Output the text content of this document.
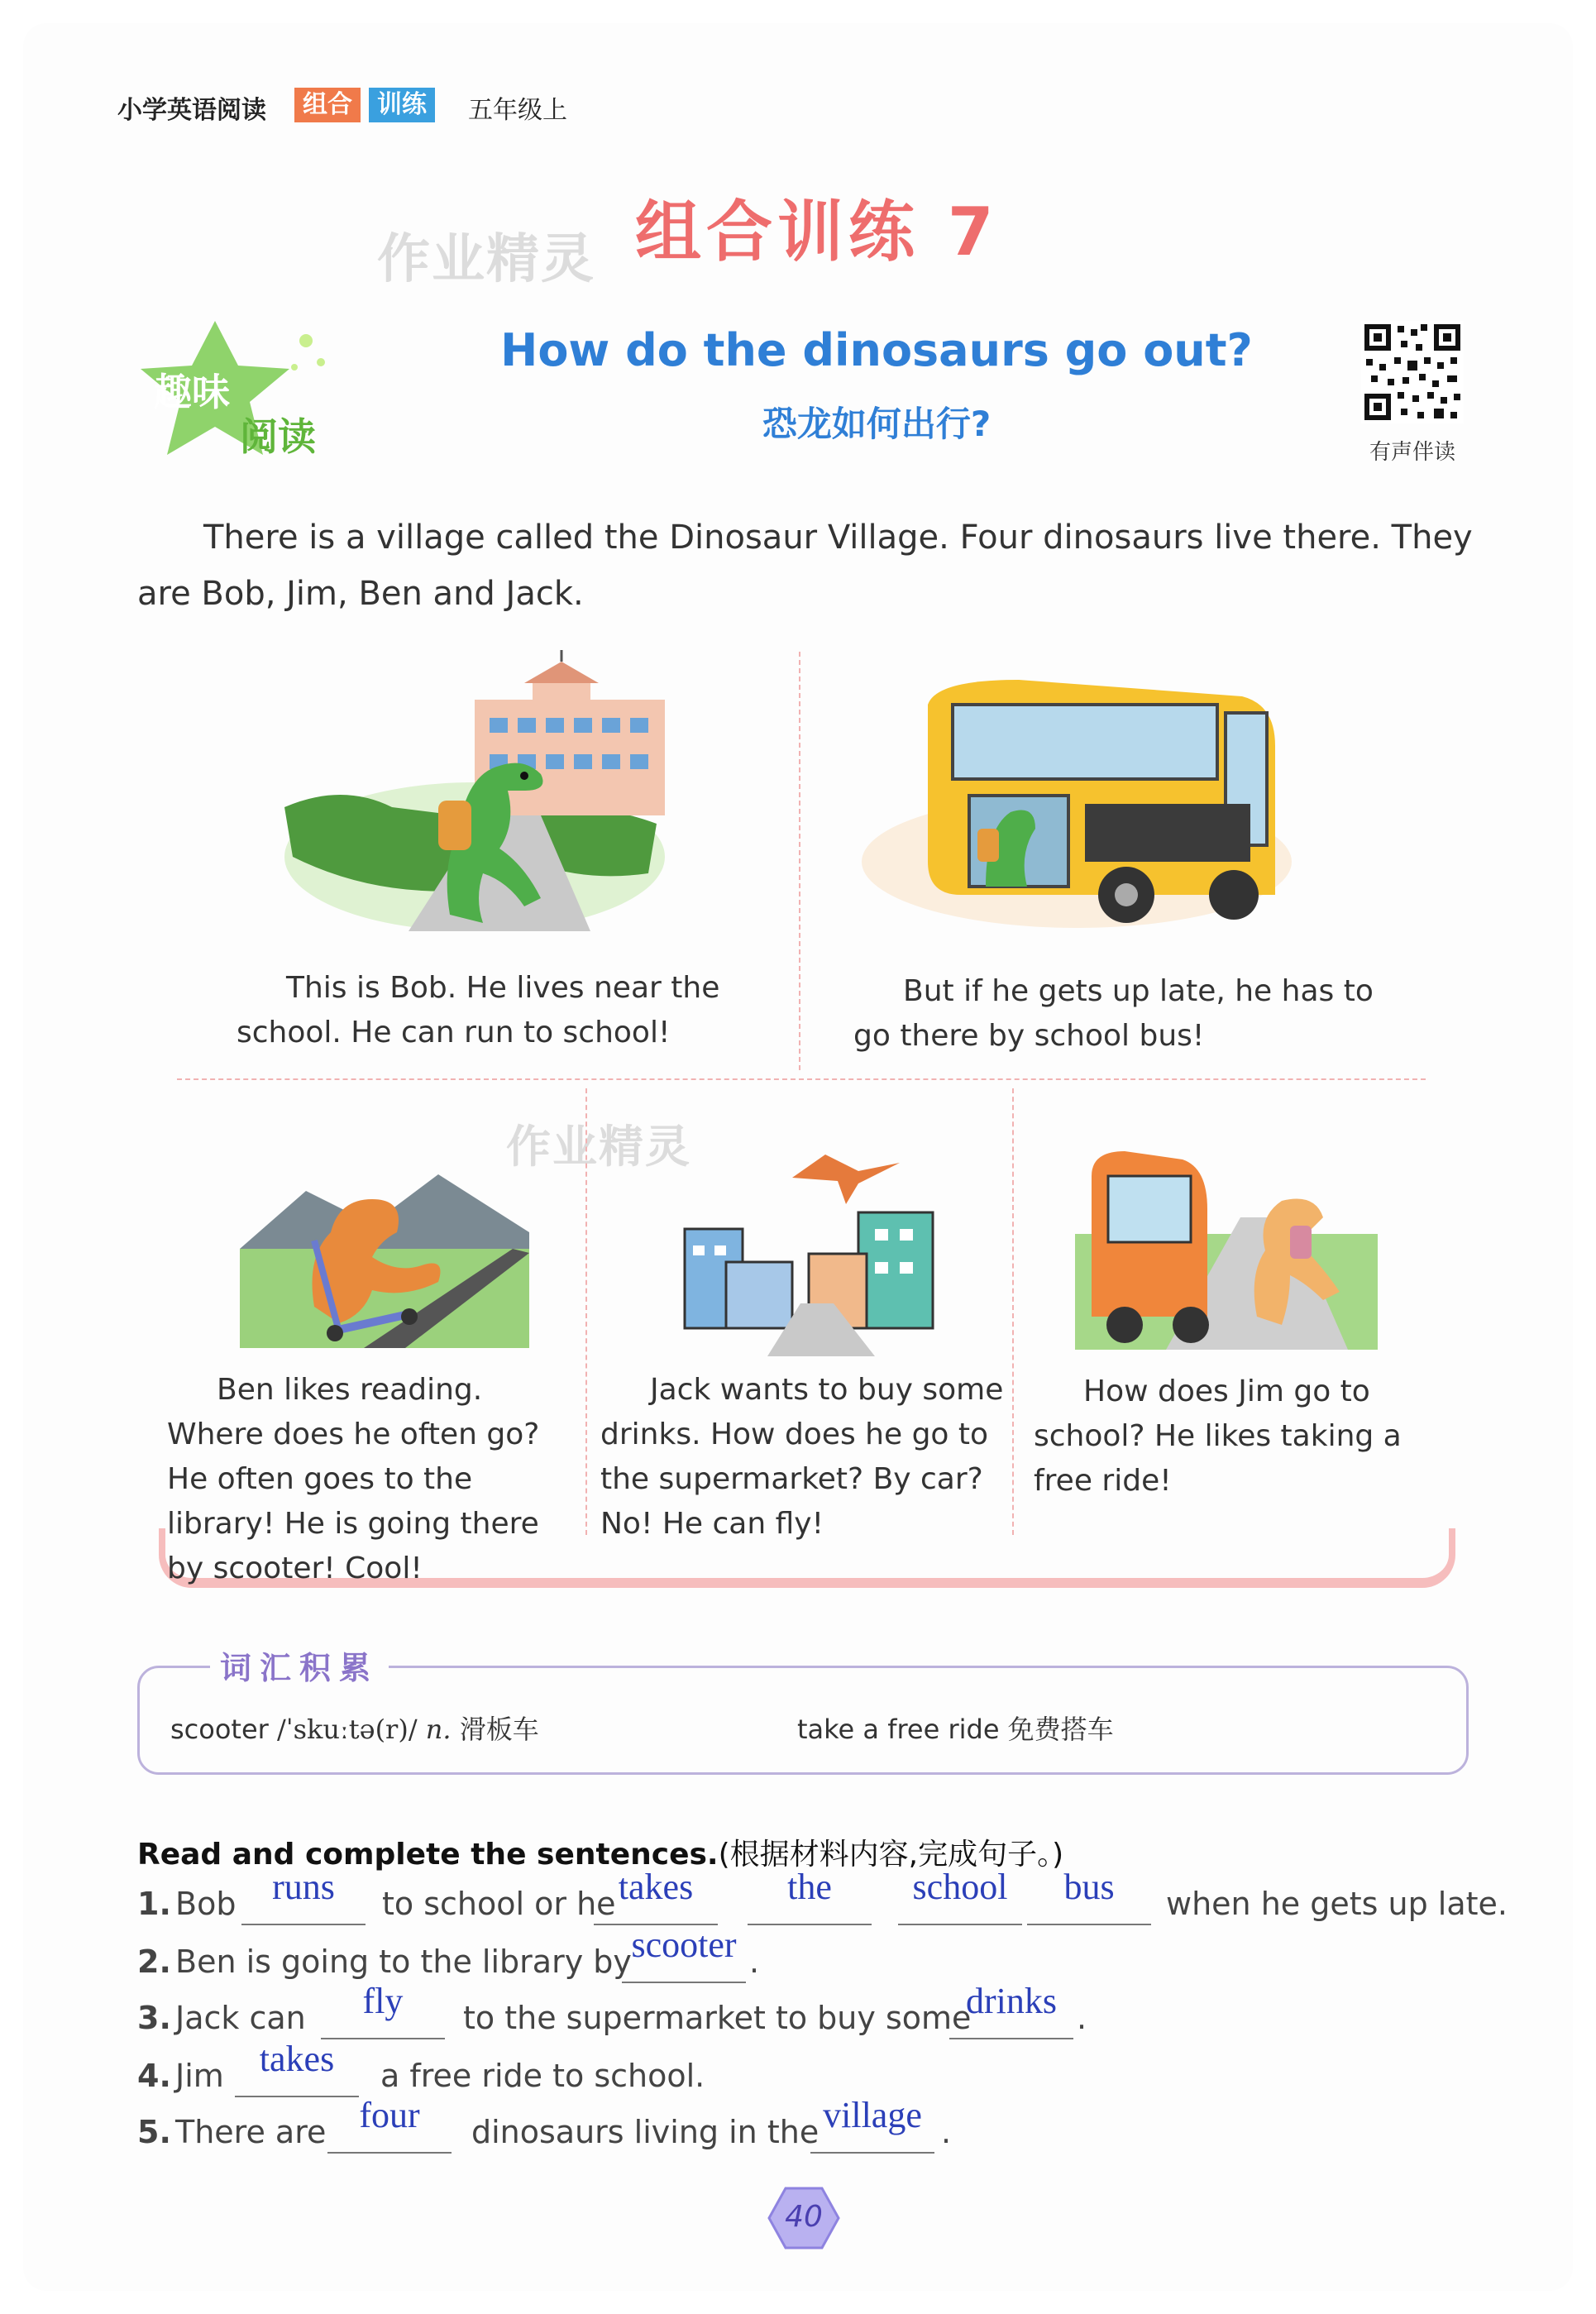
小学英语阅读	组合	训练	五年级上
作业精灵
作业精灵
组合训练 7
趣味
阅读
How do the dinosaurs go out?
恐龙如何出行?
有声伴读
There is a village called the Dinosaur Village. Four dinosaurs live there. They are Bob, Jim, Ben and Jack.
This is Bob. He lives near the school. He can run to school!
But if he gets up late, he has to go there by school bus!
Ben likes reading. Where does he often go? He often goes to the library! He is going there by scooter! Cool!
Jack wants to buy some drinks. How does he go to the supermarket? By car? No! He can fly!
How does Jim go to school? He likes taking a free ride!
词汇积累
scooter /ˈskuːtə(r)/ n. 滑板车	take a free ride 免费搭车
Read and complete the sentences.(根据材料内容,完成句子。)
1. Bob runs	to school or he takes	the	school	bus	when he gets up late.
2. Ben is going to the library by scooter .
3. Jack can	fly	to the supermarket to buy some
drinks .
4. Jim takes	a free ride to school.
5. There are four	dinosaurs living in the village .
40
